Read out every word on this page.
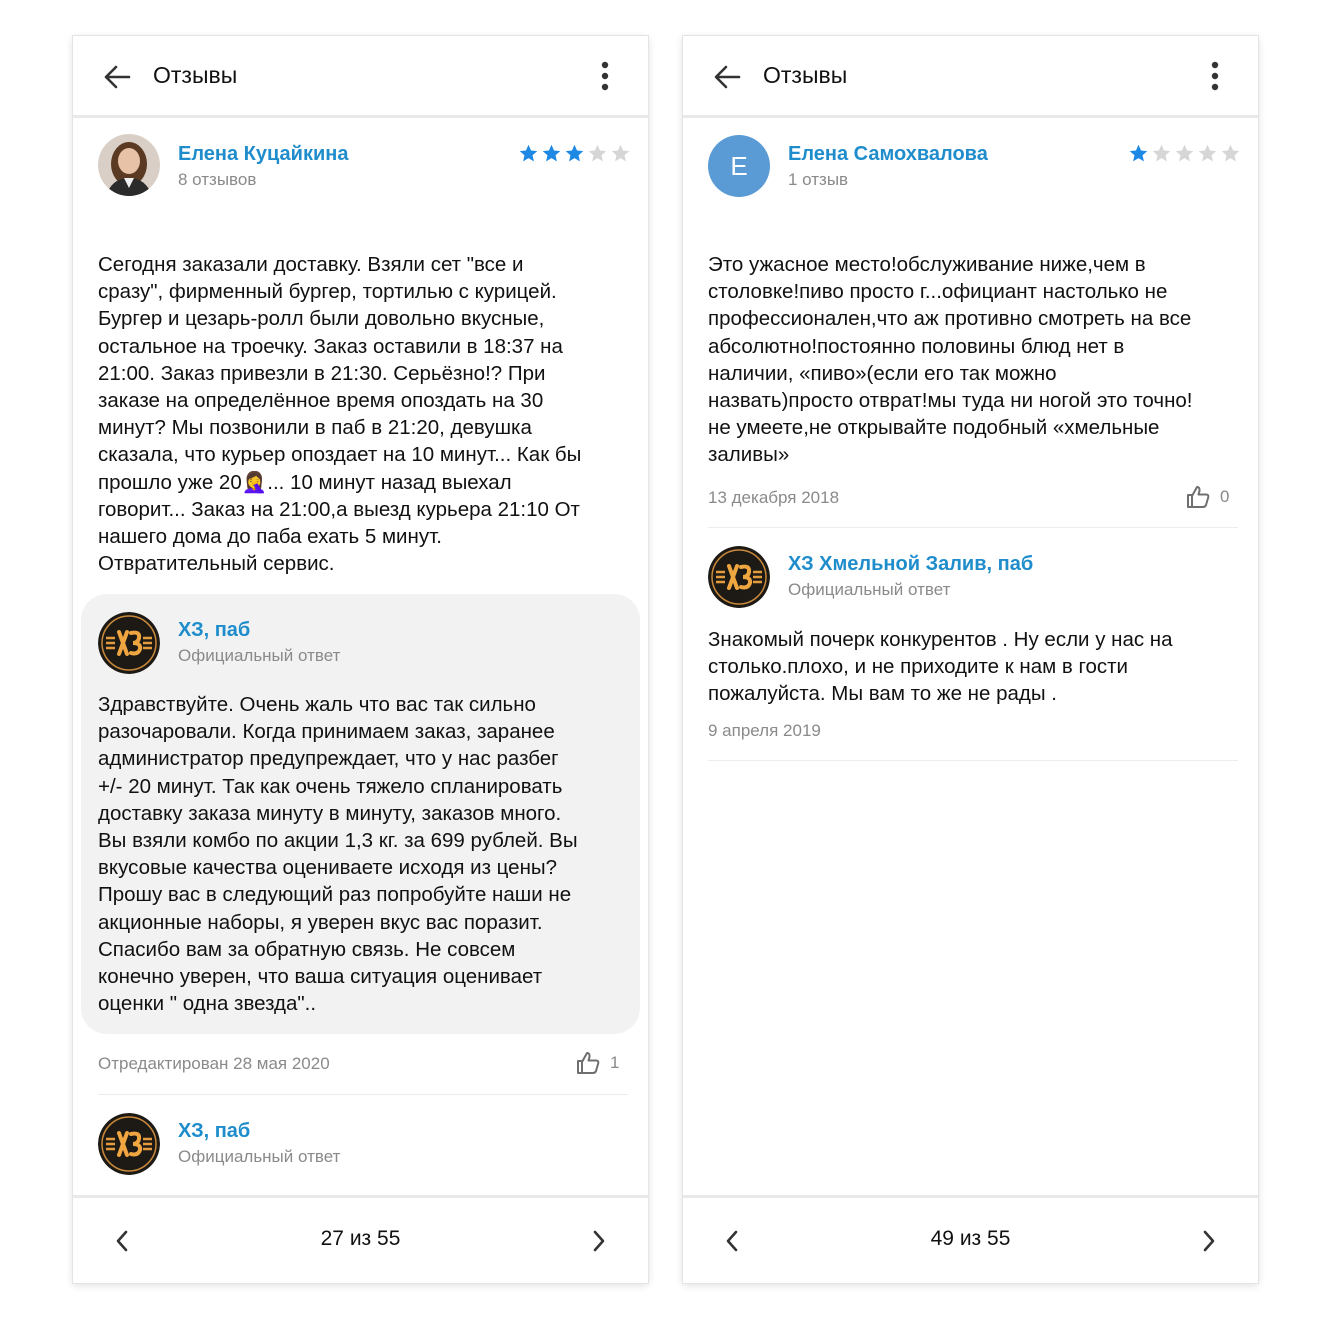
Отзывы
Елена Куцайкина
8 отзывов
Сегодня заказали доставку. Взяли сет "все и
сразу", фирменный бургер, тортилью с курицей.
Бургер и цезарь-ролл были довольно вкусные,
остальное на троечку. Заказ оставили в 18:37 на
21:00. Заказ привезли в 21:30. Серьёзно!? При
заказе на определённое время опоздать на 30
минут? Мы позвонили в паб в 21:20, девушка
сказала, что курьер опоздает на 10 минут... Как бы
прошло уже 20🤦‍♀️... 10 минут назад выехал
говорит... Заказ на 21:00,а выезд курьера 21:10 От
нашего дома до паба ехать 5 минут.
Отвратительный сервис.
ХЗ, паб
Официальный ответ
Здравствуйте. Очень жаль что вас так сильно
разочаровали. Когда принимаем заказ, заранее
администратор предупреждает, что у нас разбег
+/- 20 минут. Так как очень тяжело спланировать
доставку заказа минуту в минуту, заказов много.
Вы взяли комбо по акции 1,3 кг. за 699 рублей. Вы
вкусовые качества оцениваете исходя из цены?
Прошу вас в следующий раз попробуйте наши не
акционные наборы, я уверен вкус вас поразит.
Спасибо вам за обратную связь. Не совсем
конечно уверен, что ваша ситуация оценивает
оценки " одна звезда"..
Отредактирован 28 мая 2020	1
ХЗ, паб
Официальный ответ
27 из 55
Отзывы
Е Елена Самохвалова
1 отзыв
Это ужасное место!обслуживание ниже,чем в
столовке!пиво просто г...официант настолько не
профессионален,что аж противно смотреть на все
абсолютно!постоянно половины блюд нет в
наличии, «пиво»(если его так можно
назвать)просто отврат!мы туда ни ногой это точно!
не умеете,не открывайте подобный «хмельные
заливы»
13 декабря 2018	0
ХЗ Хмельной Залив, паб
Официальный ответ
Знакомый почерк конкурентов . Ну если у нас на
столько.плохо, и не приходите к нам в гости
пожалуйста. Мы вам то же не рады .
9 апреля 2019
49 из 55
